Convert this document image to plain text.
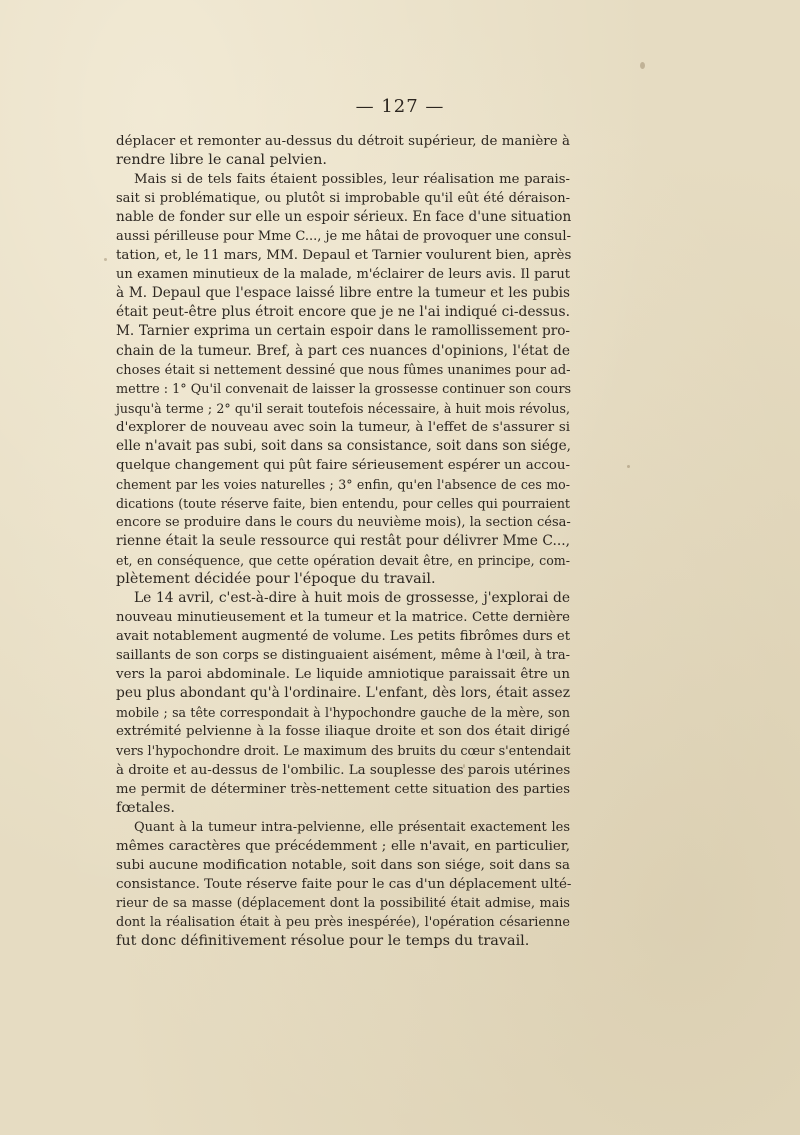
— 127 —
déplacer et remonter au-dessus du détroit supérieur, de manière à
rendre libre le canal pelvien.
Mais si de tels faits étaient possibles, leur réalisation me parais-
sait si problématique, ou plutôt si improbable qu'il eût été déraison-
nable de fonder sur elle un espoir sérieux. En face d'une situation
aussi périlleuse pour Mme C..., je me hâtai de provoquer une consul-
tation, et, le 11 mars, MM. Depaul et Tarnier voulurent bien, après
un examen minutieux de la malade, m'éclairer de leurs avis. Il parut
à M. Depaul que l'espace laissé libre entre la tumeur et les pubis
était peut-être plus étroit encore que je ne l'ai indiqué ci-dessus.
M. Tarnier exprima un certain espoir dans le ramollissement pro-
chain de la tumeur. Bref, à part ces nuances d'opinions, l'état de
choses était si nettement dessiné que nous fûmes unanimes pour ad-
mettre : 1° Qu'il convenait de laisser la grossesse continuer son cours
jusqu'à terme ; 2° qu'il serait toutefois nécessaire, à huit mois révolus,
d'explorer de nouveau avec soin la tumeur, à l'effet de s'assurer si
elle n'avait pas subi, soit dans sa consistance, soit dans son siége,
quelque changement qui pût faire sérieusement espérer un accou-
chement par les voies naturelles ; 3° enfin, qu'en l'absence de ces mo-
dications (toute réserve faite, bien entendu, pour celles qui pourraient
encore se produire dans le cours du neuvième mois), la section césa-
rienne était la seule ressource qui restât pour délivrer Mme C...,
et, en conséquence, que cette opération devait être, en principe, com-
plètement décidée pour l'époque du travail.
Le 14 avril, c'est-à-dire à huit mois de grossesse, j'explorai de
nouveau minutieusement et la tumeur et la matrice. Cette dernière
avait notablement augmenté de volume. Les petits fibrômes durs et
saillants de son corps se distinguaient aisément, même à l'œil, à tra-
vers la paroi abdominale. Le liquide amniotique paraissait être un
peu plus abondant qu'à l'ordinaire. L'enfant, dès lors, était assez
mobile ; sa tête correspondait à l'hypochondre gauche de la mère, son
extrémité pelvienne à la fosse iliaque droite et son dos était dirigé
vers l'hypochondre droit. Le maximum des bruits du cœur s'entendait
à droite et au-dessus de l'ombilic. La souplesse des parois utérines
me permit de déterminer très-nettement cette situation des parties
fœtales.
Quant à la tumeur intra-pelvienne, elle présentait exactement les
mêmes caractères que précédemment ; elle n'avait, en particulier,
subi aucune modification notable, soit dans son siége, soit dans sa
consistance. Toute réserve faite pour le cas d'un déplacement ulté-
rieur de sa masse (déplacement dont la possibilité était admise, mais
dont la réalisation était à peu près inespérée), l'opération césarienne
fut donc définitivement résolue pour le temps du travail.
